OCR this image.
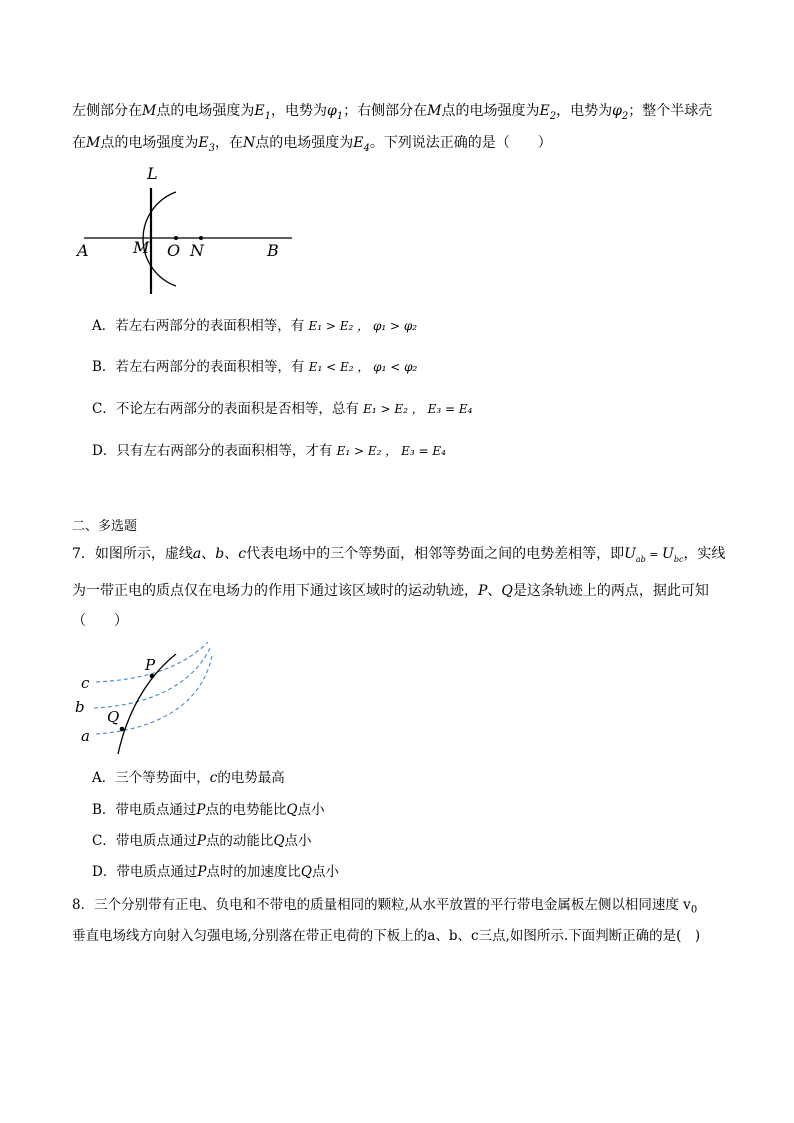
左侧部分在M点的电场强度为$E_1$，电势为$\varphi_1$；右侧部分在M点的电场强度为$E_2$，电势为$\varphi_2$；整个半球壳
在M点的电场强度为$E_3$，在N点的电场强度为$E_4$。下列说法正确的是（　　）
L
A	M O N	B
A．若左右两部分的表面积相等，有 E₁ > E₂ ， φ₁ > φ₂
B．若左右两部分的表面积相等，有 E₁ < E₂ ， φ₁ < φ₂
C．不论左右两部分的表面积是否相等，总有 E₁ > E₂ ， E₃ = E₄
D．只有左右两部分的表面积相等，才有 E₁ > E₂ ， E₃ = E₄
二、多选题
7．如图所示，虚线a、b、c代表电场中的三个等势面，相邻等势面之间的电势差相等，即$U_{ab} = U_{bc}$，实线
为一带正电的质点仅在电场力的作用下通过该区域时的运动轨迹，P、Q是这条轨迹上的两点，据此可知
（　　）
P
Q
c
b
a
A．三个等势面中，c的电势最高
B．带电质点通过P点的电势能比Q点小
C．带电质点通过P点的动能比Q点小
D．带电质点通过P点时的加速度比Q点小
8．三个分别带有正电、负电和不带电的质量相同的颗粒,从水平放置的平行带电金属板左侧以相同速度 $v_0$
垂直电场线方向射入匀强电场,分别落在带正电荷的下板上的a、b、c三点,如图所示.下面判断正确的是(　)
